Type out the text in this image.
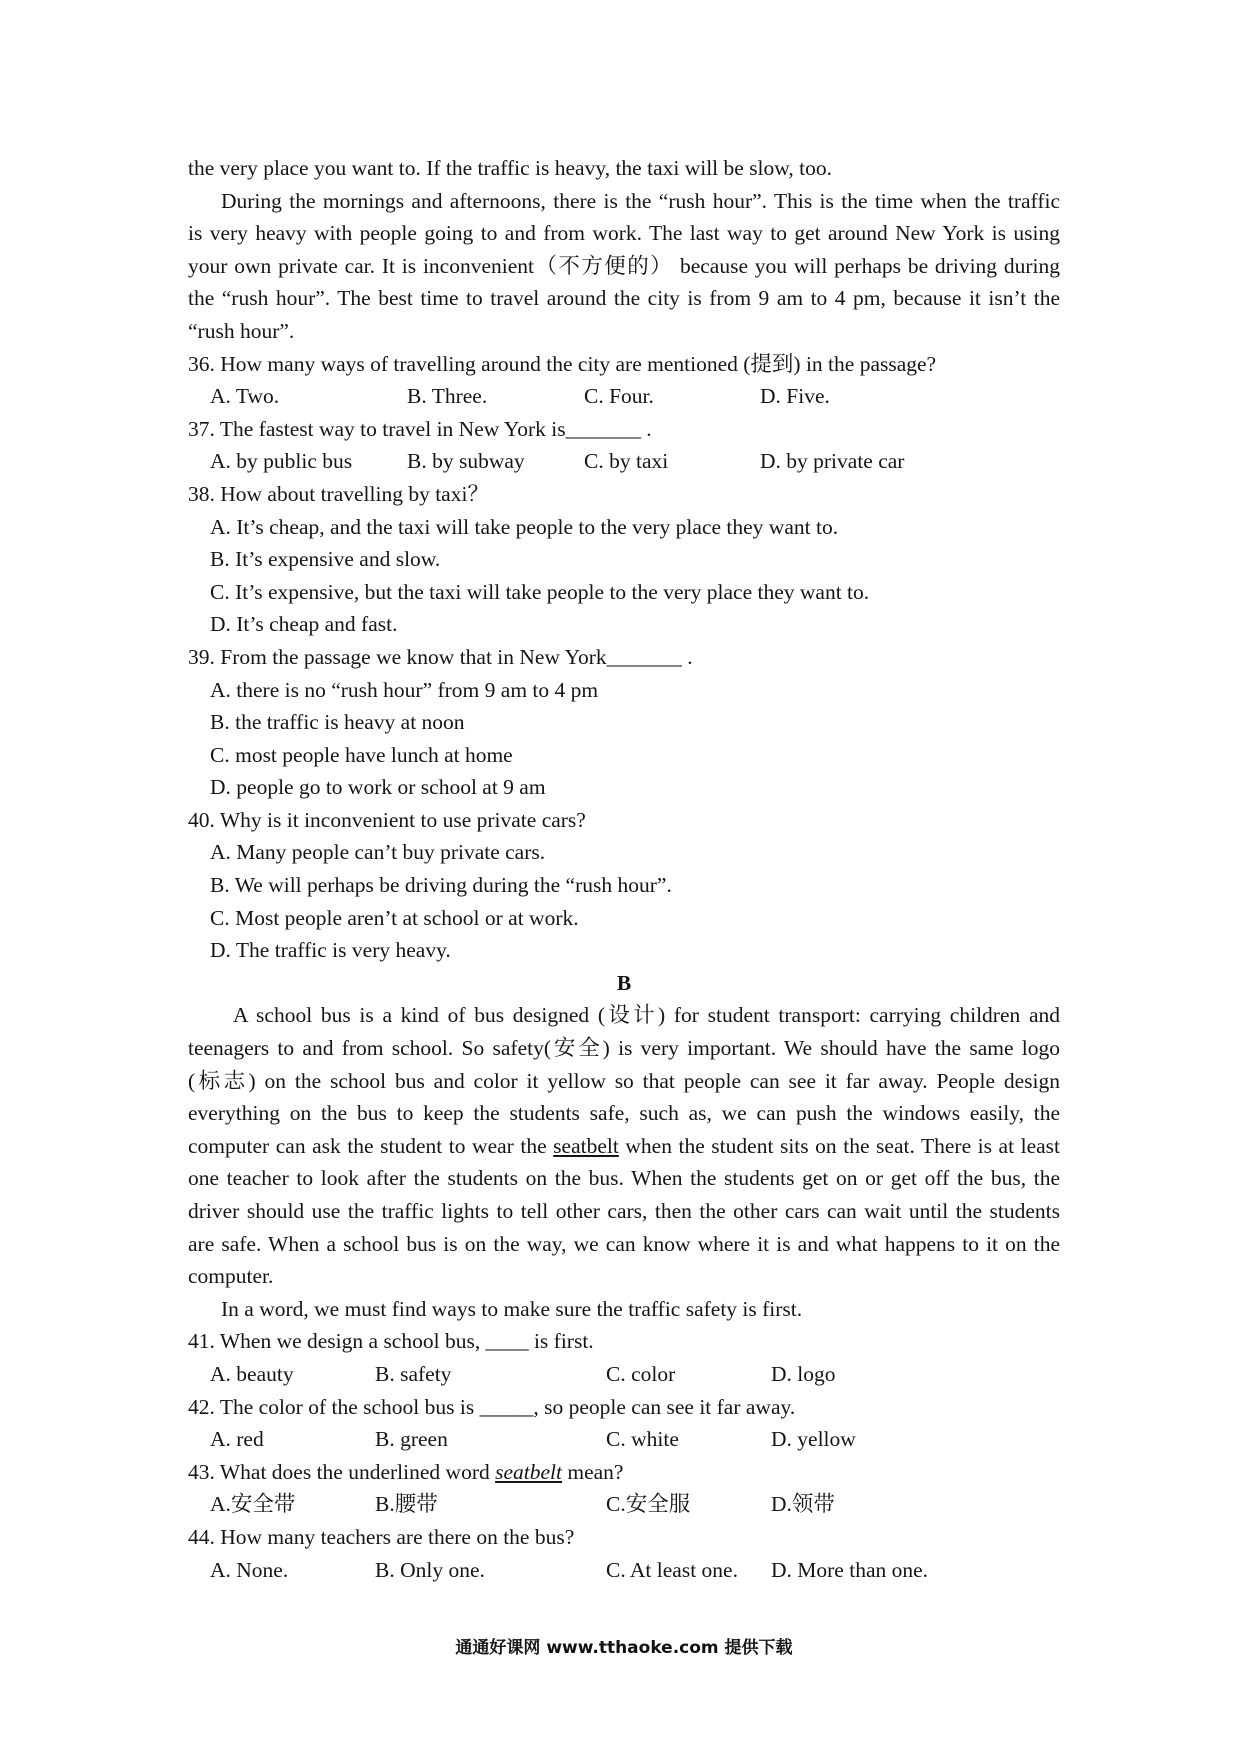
the very place you want to. If the traffic is heavy, the taxi will be slow, too.
During the mornings and afternoons, there is the “rush hour”. This is the time when the traffic
is very heavy with people going to and from work. The last way to get around New York is using
your own private car. It is inconvenient（不方便的） because you will perhaps be driving during
the “rush hour”. The best time to travel around the city is from 9 am to 4 pm, because it isn’t the
“rush hour”.
36. How many ways of travelling around the city are mentioned (提到) in the passage?
A. Two.	B. Three.	C. Four.	D. Five.
37. The fastest way to travel in New York is_______ .
A. by public bus	B. by subway	C. by taxi	D. by private car
38. How about travelling by taxi？
A. It’s cheap, and the taxi will take people to the very place they want to.
B. It’s expensive and slow.
C. It’s expensive, but the taxi will take people to the very place they want to.
D. It’s cheap and fast.
39. From the passage we know that in New York_______ .
A. there is no “rush hour” from 9 am to 4 pm
B. the traffic is heavy at noon
C. most people have lunch at home
D. people go to work or school at 9 am
40. Why is it inconvenient to use private cars?
A. Many people can’t buy private cars.
B. We will perhaps be driving during the “rush hour”.
C. Most people aren’t at school or at work.
D. The traffic is very heavy.
B
A school bus is a kind of bus designed (设计) for student transport: carrying children and
teenagers to and from school. So safety(安全) is very important. We should have the same logo
(标志) on the school bus and color it yellow so that people can see it far away. People design
everything on the bus to keep the students safe, such as, we can push the windows easily, the
computer can ask the student to wear the seatbelt when the student sits on the seat. There is at least
one teacher to look after the students on the bus. When the students get on or get off the bus, the
driver should use the traffic lights to tell other cars, then the other cars can wait until the students
are safe. When a school bus is on the way, we can know where it is and what happens to it on the
computer.
In a word, we must find ways to make sure the traffic safety is first.
41. When we design a school bus, ____ is first.
A. beauty	B. safety	C. color	D. logo
42. The color of the school bus is _____, so people can see it far away.
A. red	B. green	C. white	D. yellow
43. What does the underlined word seatbelt mean?
A.安全带	B.腰带	C.安全服	D.领带
44. How many teachers are there on the bus?
A. None.	B. Only one.	C. At least one.	D. More than one.
通通好课网 www.tthaoke.com 提供下载
